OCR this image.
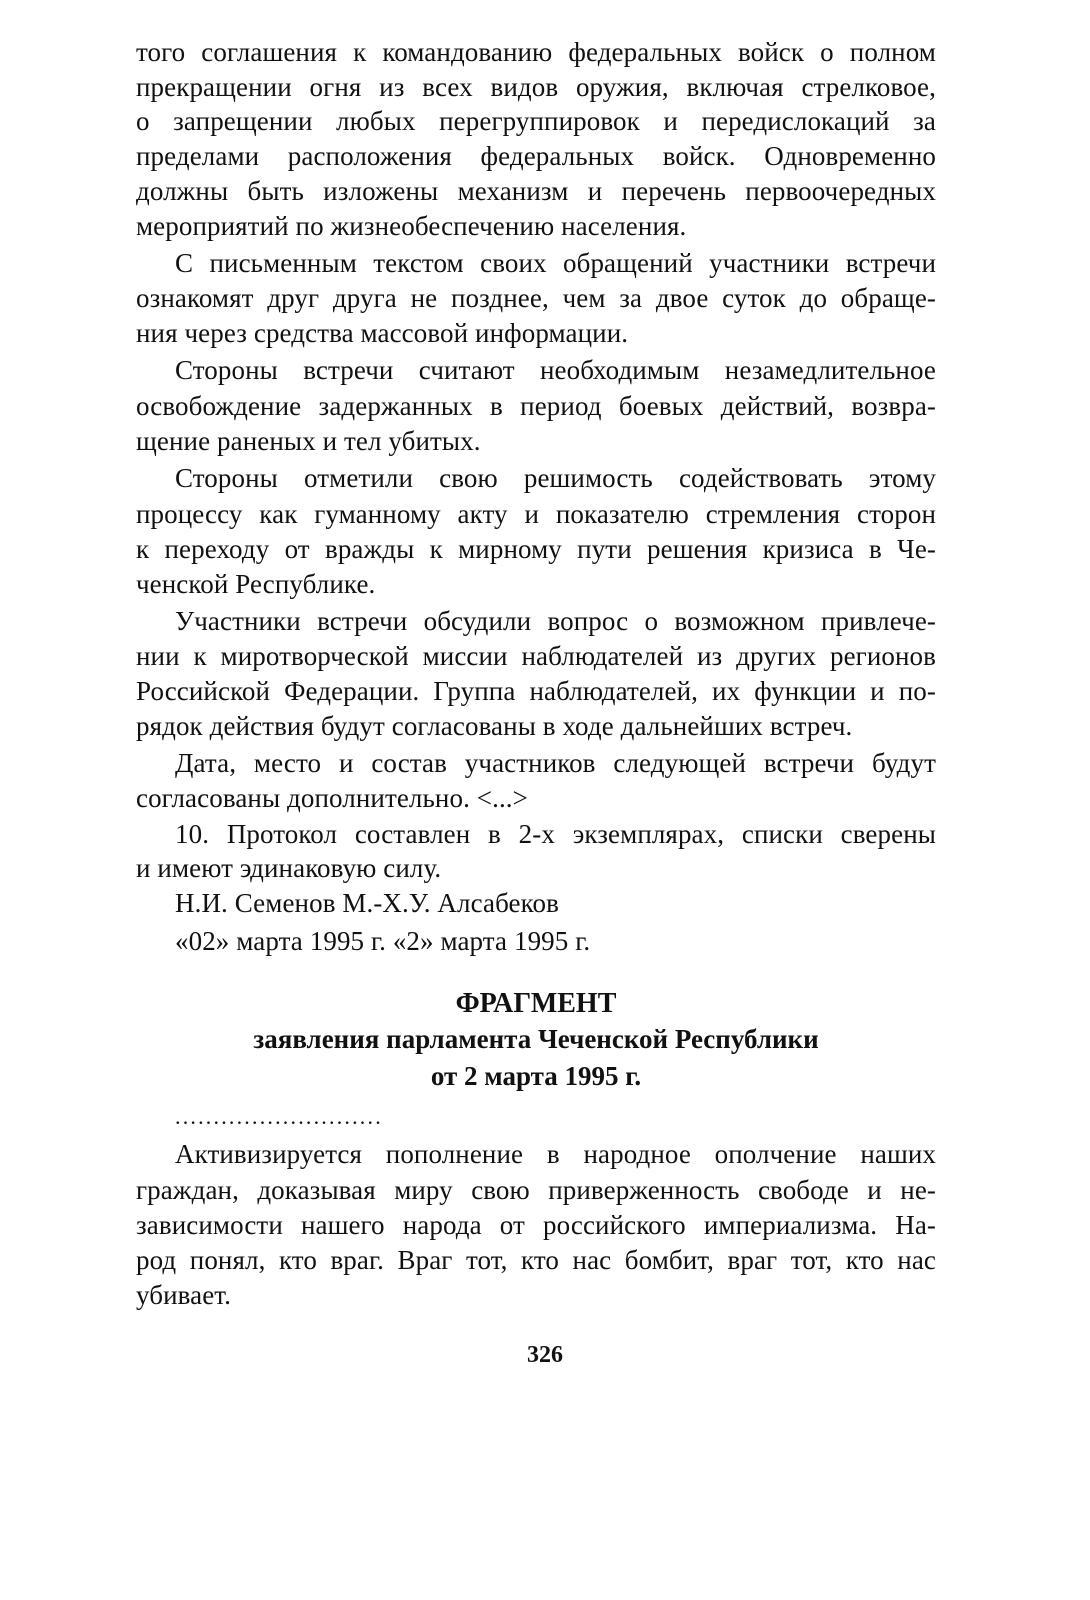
того соглашения к командованию федеральных войск о полном
прекращении огня из всех видов оружия, включая стрелковое,
о запрещении любых перегруппировок и передислокаций за
пределами расположения федеральных войск. Одновременно
должны быть изложены механизм и перечень первоочередных
мероприятий по жизнеобеспечению населения.
С письменным текстом своих обращений участники встречи
ознакомят друг друга не позднее, чем за двое суток до обраще-
ния через средства массовой информации.
Стороны встречи считают необходимым незамедлительное
освобождение задержанных в период боевых действий, возвра-
щение раненых и тел убитых.
Стороны отметили свою решимость содействовать этому
процессу как гуманному акту и показателю стремления сторон
к переходу от вражды к мирному пути решения кризиса в Че-
ченской Республике.
Участники встречи обсудили вопрос о возможном привлече-
нии к миротворческой миссии наблюдателей из других регионов
Российской Федерации. Группа наблюдателей, их функции и по-
рядок действия будут согласованы в ходе дальнейших встреч.
Дата, место и состав участников следующей встречи будут
согласованы дополнительно. <...>
10. Протокол составлен в 2-х экземплярах, списки сверены
и имеют эдинаковую силу.
Н.И. Семенов М.-Х.У. Алсабеков
«02» марта 1995 г. «2» марта 1995 г.
ФРАГМЕНТ
заявления парламента Чеченской Республики
от 2 марта 1995 г.
...........................
Активизируется пополнение в народное ополчение наших
граждан, доказывая миру свою приверженность свободе и не-
зависимости нашего народа от российского империализма. На-
род понял, кто враг. Враг тот, кто нас бомбит, враг тот, кто нас
убивает.
326
